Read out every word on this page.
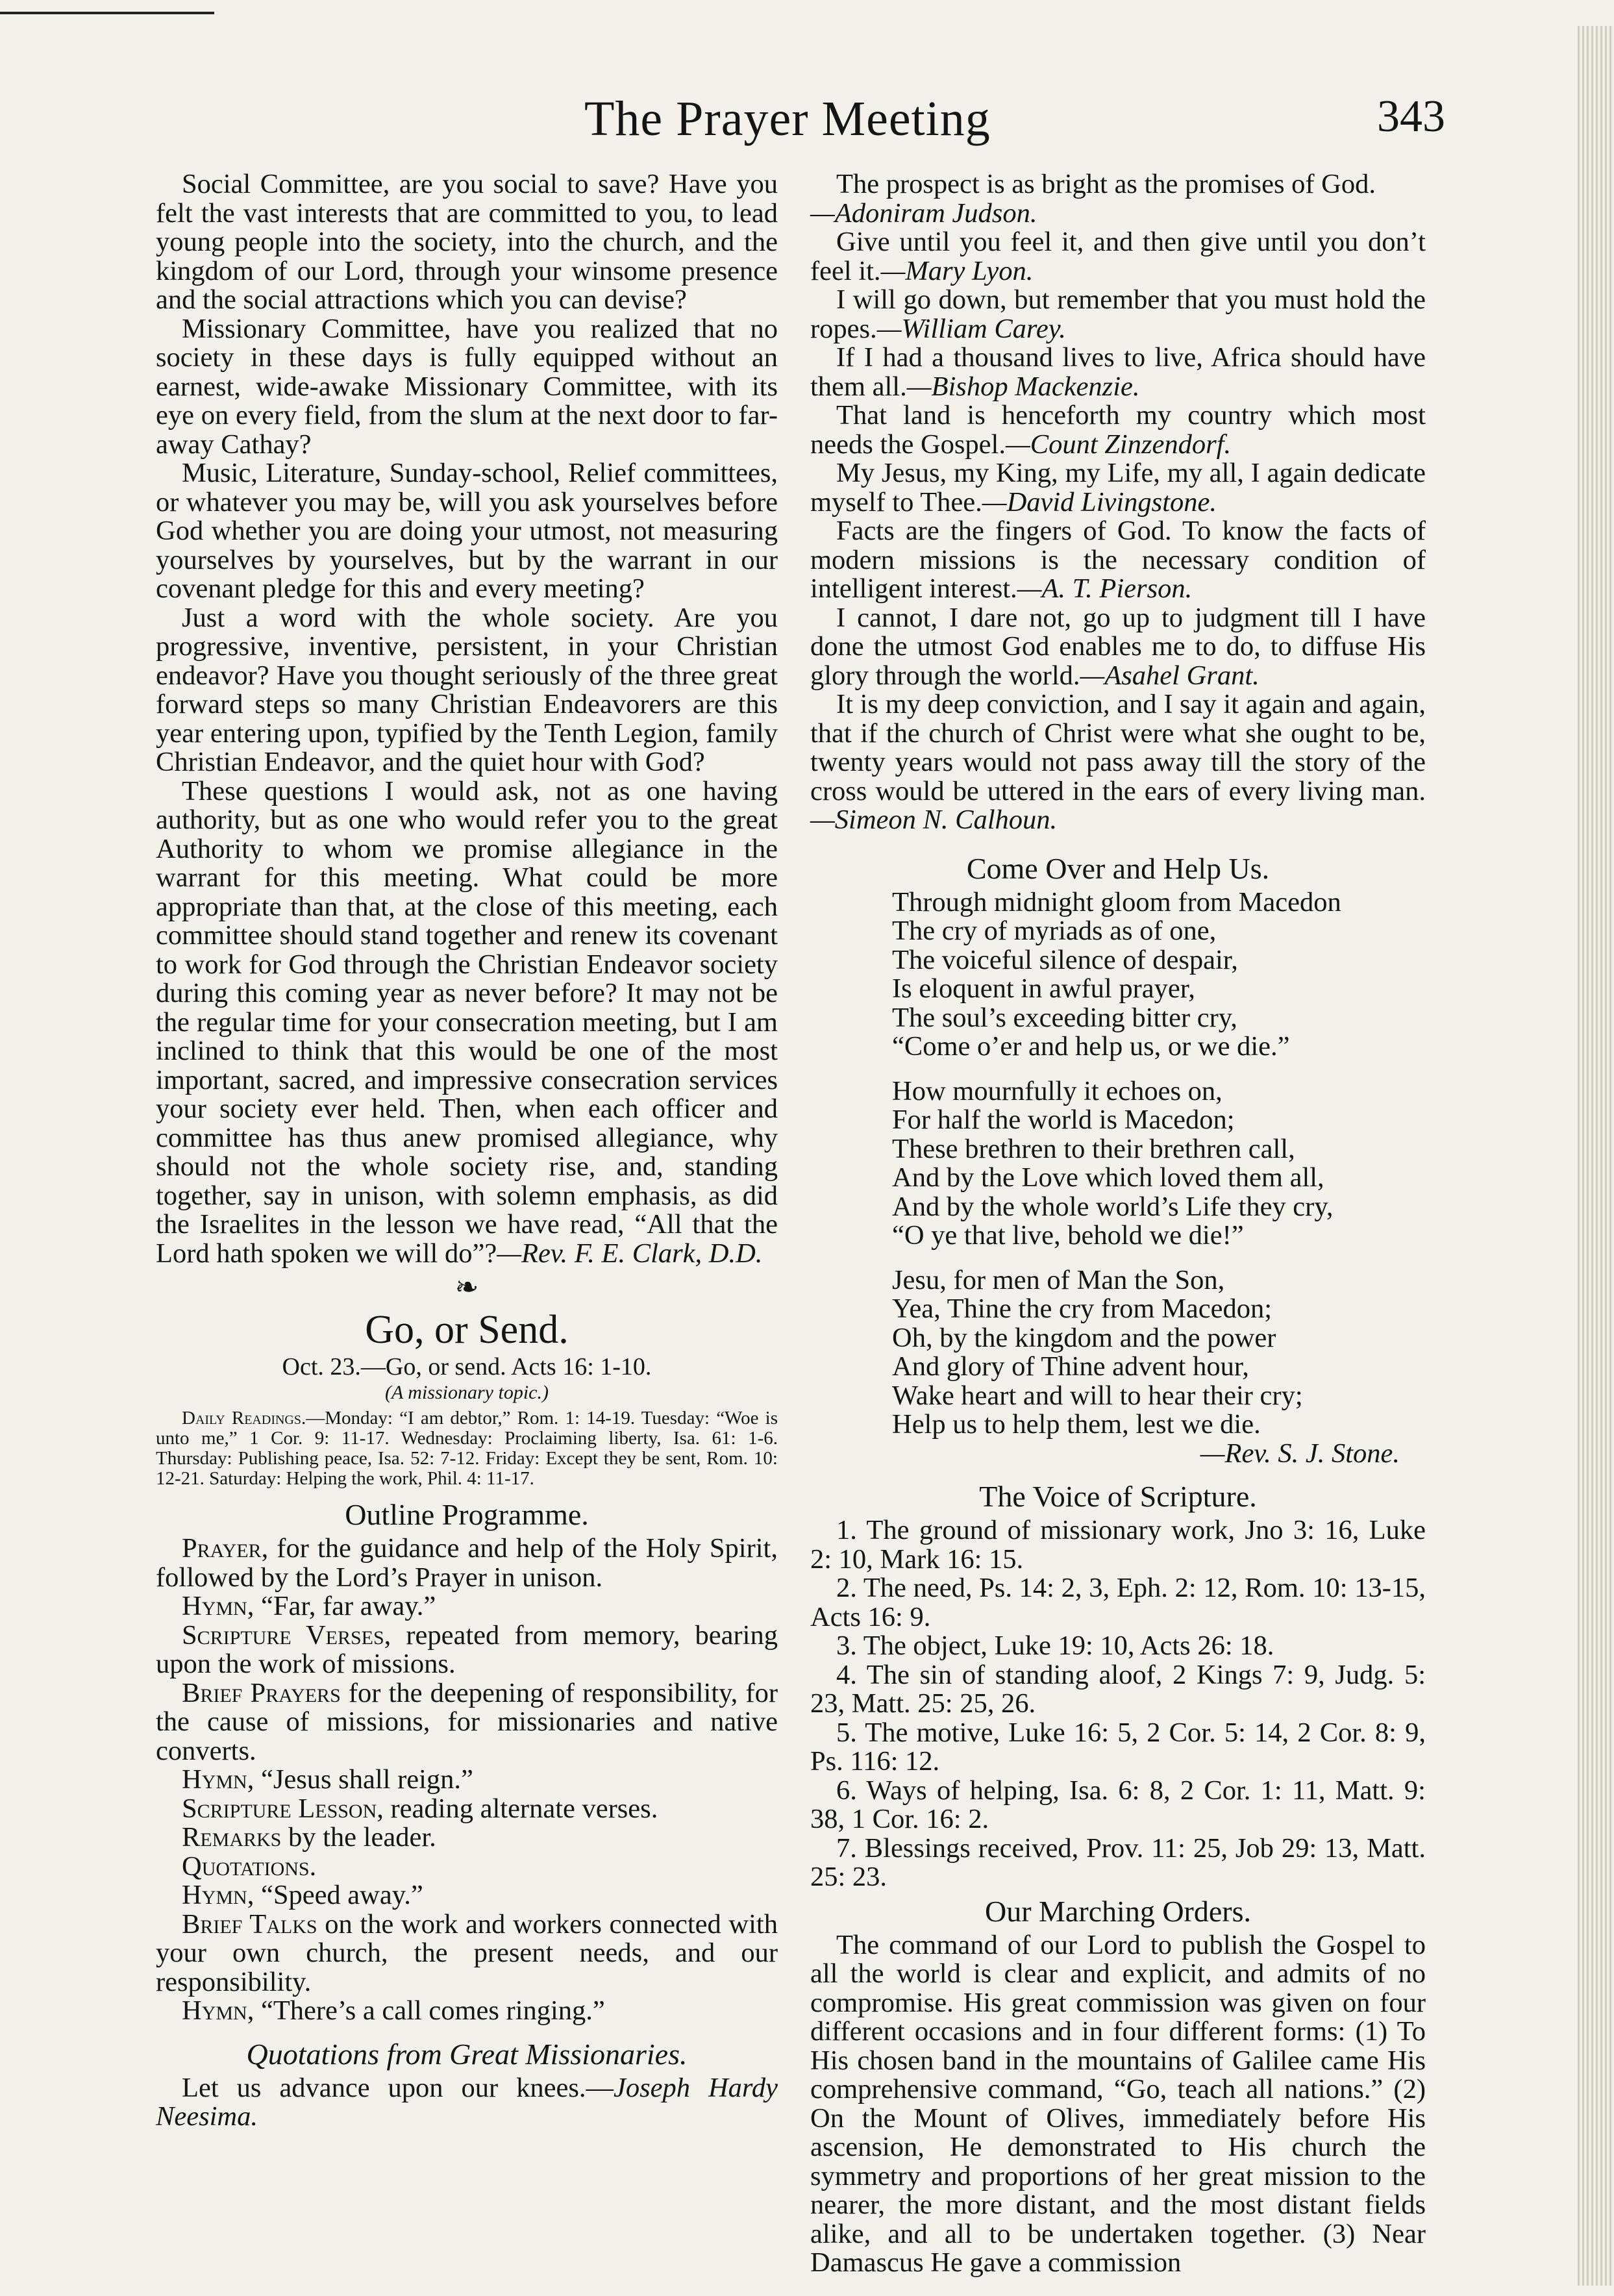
The Prayer Meeting	343

Social Committee, are you social to save? Have you felt the vast interests that are committed to you, to lead young people into the society, into the church, and the kingdom of our Lord, through your winsome presence and the social attractions which you can devise?

Missionary Committee, have you realized that no society in these days is fully equipped without an earnest, wide-awake Missionary Committee, with its eye on every field, from the slum at the next door to far-away Cathay?

Music, Literature, Sunday-school, Relief committees, or whatever you may be, will you ask yourselves before God whether you are doing your utmost, not measuring yourselves by yourselves, but by the warrant in our covenant pledge for this and every meeting?

Just a word with the whole society. Are you progressive, inventive, persistent, in your Christian endeavor? Have you thought seriously of the three great forward steps so many Christian Endeavorers are this year entering upon, typified by the Tenth Legion, family Christian Endeavor, and the quiet hour with God?

These questions I would ask, not as one having authority, but as one who would refer you to the great Authority to whom we promise allegiance in the warrant for this meeting. What could be more appropriate than that, at the close of this meeting, each committee should stand together and renew its covenant to work for God through the Christian Endeavor society during this coming year as never before? It may not be the regular time for your consecration meeting, but I am inclined to think that this would be one of the most important, sacred, and impressive consecration services your society ever held. Then, when each officer and committee has thus anew promised allegiance, why should not the whole society rise, and, standing together, say in unison, with solemn emphasis, as did the Israelites in the lesson we have read, “All that the Lord hath spoken we will do”?—Rev. F. E. Clark, D.D.

❧
Go, or Send.

Oct. 23.—Go, or send. Acts 16: 1-10.

(A missionary topic.)

Daily Readings.—Monday: “I am debtor,” Rom. 1: 14-19. Tuesday: “Woe is unto me,” 1 Cor. 9: 11-17. Wednesday: Proclaiming liberty, Isa. 61: 1-6. Thursday: Publishing peace, Isa. 52: 7-12. Friday: Except they be sent, Rom. 10: 12-21. Saturday: Helping the work, Phil. 4: 11-17.

Outline Programme.

Prayer, for the guidance and help of the Holy Spirit, followed by the Lord’s Prayer in unison.

Hymn, “Far, far away.”

Scripture Verses, repeated from memory, bearing upon the work of missions.

Brief Prayers for the deepening of responsibility, for the cause of missions, for missionaries and native converts.

Hymn, “Jesus shall reign.”

Scripture Lesson, reading alternate verses.

Remarks by the leader.

Quotations.

Hymn, “Speed away.”

Brief Talks on the work and workers connected with your own church, the present needs, and our responsibility.

Hymn, “There’s a call comes ringing.”

Quotations from Great Missionaries.

Let us advance upon our knees.—Joseph Hardy Neesima.

The prospect is as bright as the promises of God.
—Adoniram Judson.

Give until you feel it, and then give until you don’t feel it.—Mary Lyon.

I will go down, but remember that you must hold the ropes.—William Carey.

If I had a thousand lives to live, Africa should have them all.—Bishop Mackenzie.

That land is henceforth my country which most needs the Gospel.—Count Zinzendorf.

My Jesus, my King, my Life, my all, I again dedicate myself to Thee.—David Livingstone.

Facts are the fingers of God. To know the facts of modern missions is the necessary condition of intelligent interest.—A. T. Pierson.

I cannot, I dare not, go up to judgment till I have done the utmost God enables me to do, to diffuse His glory through the world.—Asahel Grant.

It is my deep conviction, and I say it again and again, that if the church of Christ were what she ought to be, twenty years would not pass away till the story of the cross would be uttered in the ears of every living man.—Simeon N. Calhoun.

Come Over and Help Us.

Through midnight gloom from Macedon

The cry of myriads as of one,

The voiceful silence of despair,

Is eloquent in awful prayer,

The soul’s exceeding bitter cry,

“Come o’er and help us, or we die.”

How mournfully it echoes on,

For half the world is Macedon;

These brethren to their brethren call,

And by the Love which loved them all,

And by the whole world’s Life they cry,

“O ye that live, behold we die!”

Jesu, for men of Man the Son,

Yea, Thine the cry from Macedon;

Oh, by the kingdom and the power

And glory of Thine advent hour,

Wake heart and will to hear their cry;

Help us to help them, lest we die.

—Rev. S. J. Stone.
The Voice of Scripture.

1. The ground of missionary work, Jno 3: 16, Luke 2: 10, Mark 16: 15.

2. The need, Ps. 14: 2, 3, Eph. 2: 12, Rom. 10: 13-15, Acts 16: 9.

3. The object, Luke 19: 10, Acts 26: 18.

4. The sin of standing aloof, 2 Kings 7: 9, Judg. 5: 23, Matt. 25: 25, 26.

5. The motive, Luke 16: 5, 2 Cor. 5: 14, 2 Cor. 8: 9, Ps. 116: 12.

6. Ways of helping, Isa. 6: 8, 2 Cor. 1: 11, Matt. 9: 38, 1 Cor. 16: 2.

7. Blessings received, Prov. 11: 25, Job 29: 13, Matt. 25: 23.

Our Marching Orders.

The command of our Lord to publish the Gospel to all the world is clear and explicit, and admits of no compromise. His great commission was given on four different occasions and in four different forms: (1) To His chosen band in the mountains of Galilee came His comprehensive command, “Go, teach all nations.” (2) On the Mount of Olives, immediately before His ascension, He demonstrated to His church the symmetry and proportions of her great mission to the nearer, the more distant, and the most distant fields alike, and all to be undertaken together. (3) Near Damascus He gave a commission
